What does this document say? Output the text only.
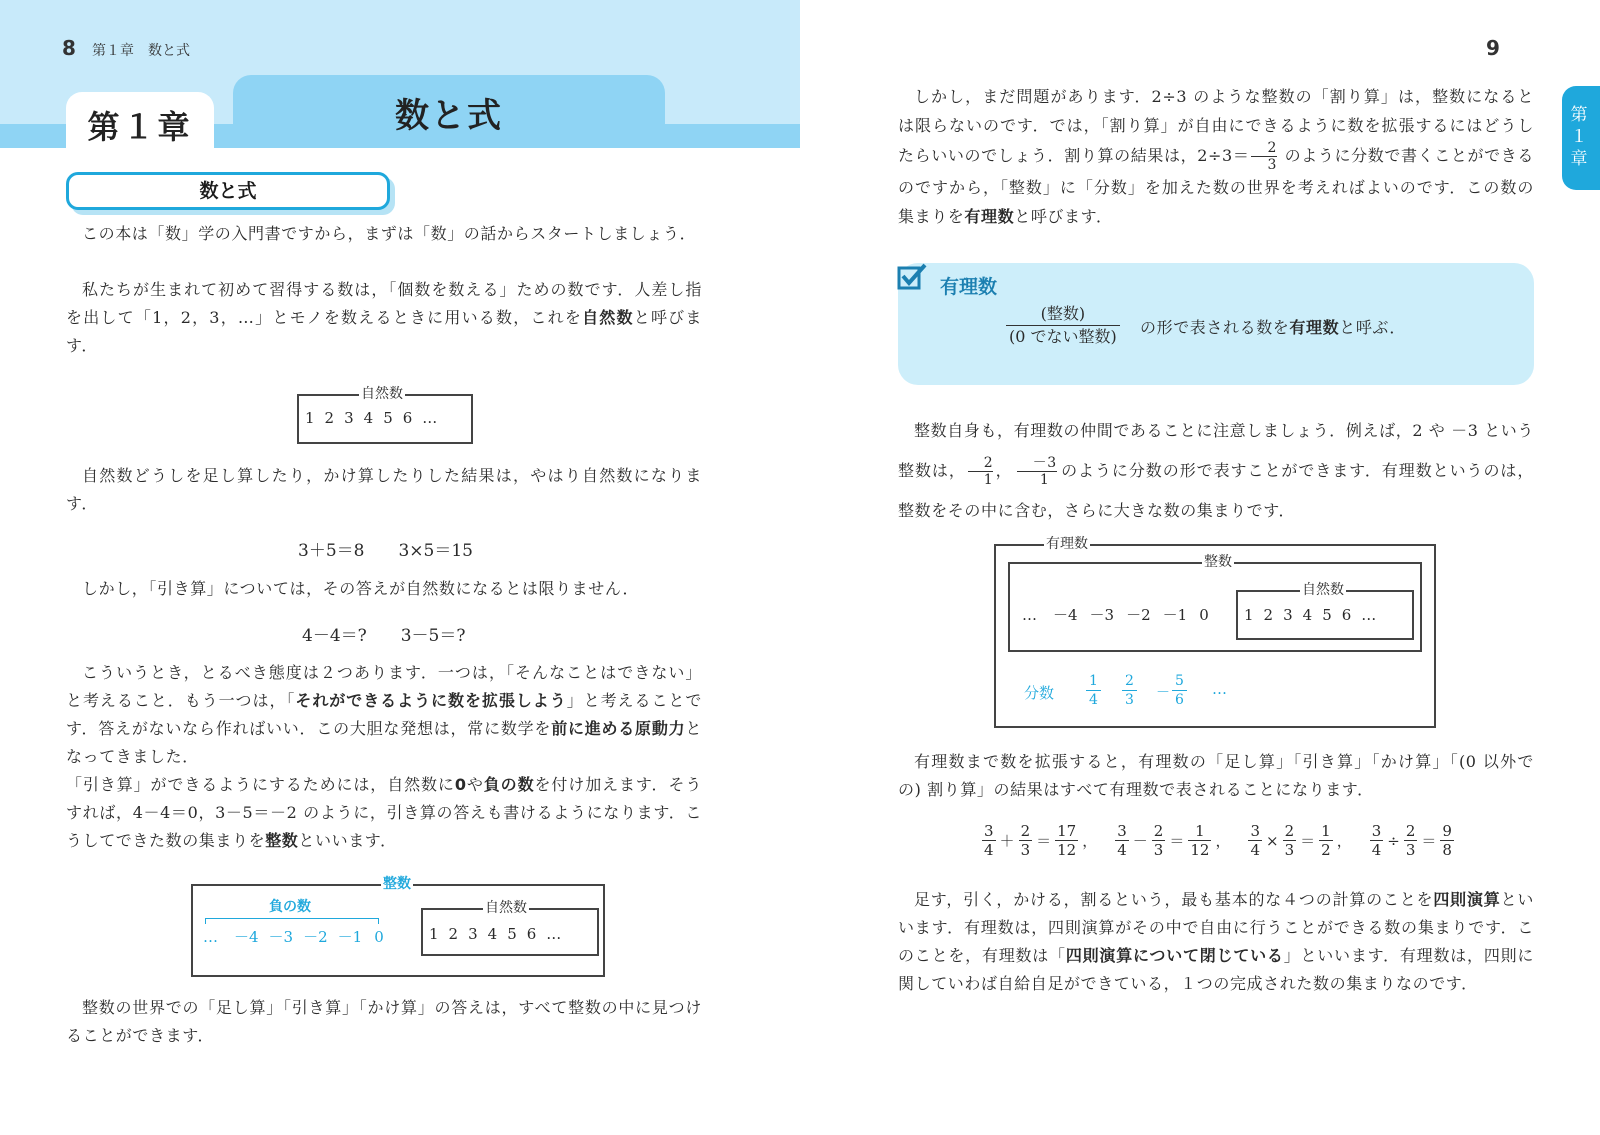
8 第１章　数と式
数と式
第１章
数と式

この本は「数」学の入門書ですから，まずは「数」の話からスタートしましょう．

私たちが生まれて初めて習得する数は，「個数を数える」ための数です．人差し指を出して「1，2，3，…」とモノを数えるときに用いる数，これを自然数と呼びます．

自然数
1 2 3 4 5 6 …

自然数どうしを足し算したり，かけ算したりした結果は，やはり自然数になります．

3＋5＝8　　3×5＝15

しかし，「引き算」については，その答えが自然数になるとは限りません．

4－4＝?　　3－5＝?

こういうとき，とるべき態度は２つあります．一つは，「そんなことはできない」と考えること．もう一つは，「それができるように数を拡張しよう」と考えることです．答えがないなら作ればいい．この大胆な発想は，常に数学を前に進める原動力となってきました．

「引き算」ができるようにするためには，自然数に0や負の数を付け加えます．そうすれば，4－4＝0，3－5＝－2 のように，引き算の答えも書けるようになります．こうしてできた数の集まりを整数といいます．

整数
負の数
… －4 －3 －2 －1 0
自然数
1 2 3 4 5 6 …

整数の世界での「足し算」「引き算」「かけ算」の答えは，すべて整数の中に見つけることができます．

9
第１章

しかし，まだ問題があります．2÷3 のような整数の「割り算」は，整数になるとは限らないのです．では，「割り算」が自由にできるように数を拡張するにはどうしたらいいのでしょう．割り算の結果は，$2\div 3= \frac{2}{3}$ のように分数で書くことができるのですから，「整数」に「分数」を加えた数の世界を考えればよいのです．この数の集まりを有理数と呼びます．

有理数
(整数)
(0 でない整数) の形で表される数を有理数と呼ぶ．

整数自身も，有理数の仲間であることに注意しましょう．例えば，2 や －3 という整数は， $\frac{2}{1}$ ， $\frac{-3}{1}$ のように分数の形で表すことができます．有理数というのは，整数をその中に含む，さらに大きな数の集まりです．

有理数
整数
… －4 －3 －2 －1 0
自然数
1 2 3 4 5 6 …
分数 $\frac{1}{4} \frac{2}{3} - \frac{5}{6}$ …

有理数まで数を拡張すると，有理数の「足し算」「引き算」「かけ算」「(0 以外での) 割り算」の結果はすべて有理数で表されることになります．

$\frac{3}{4} + \frac{2}{3} = \frac{17}{12}$ ， $\frac{3}{4} - \frac{2}{3} = \frac{1}{12}$ ， $\frac{3}{4} \times \frac{2}{3} = \frac{1}{2}$ ， $\frac{3}{4} \div \frac{2}{3} = \frac{9}{8}$

足す，引く，かける，割るという，最も基本的な４つの計算のことを四則演算といいます．有理数は，四則演算がその中で自由に行うことができる数の集まりです．このことを，有理数は「四則演算について閉じている」といいます．有理数は，四則に関していわば自給自足ができている，１つの完成された数の集まりなのです．
